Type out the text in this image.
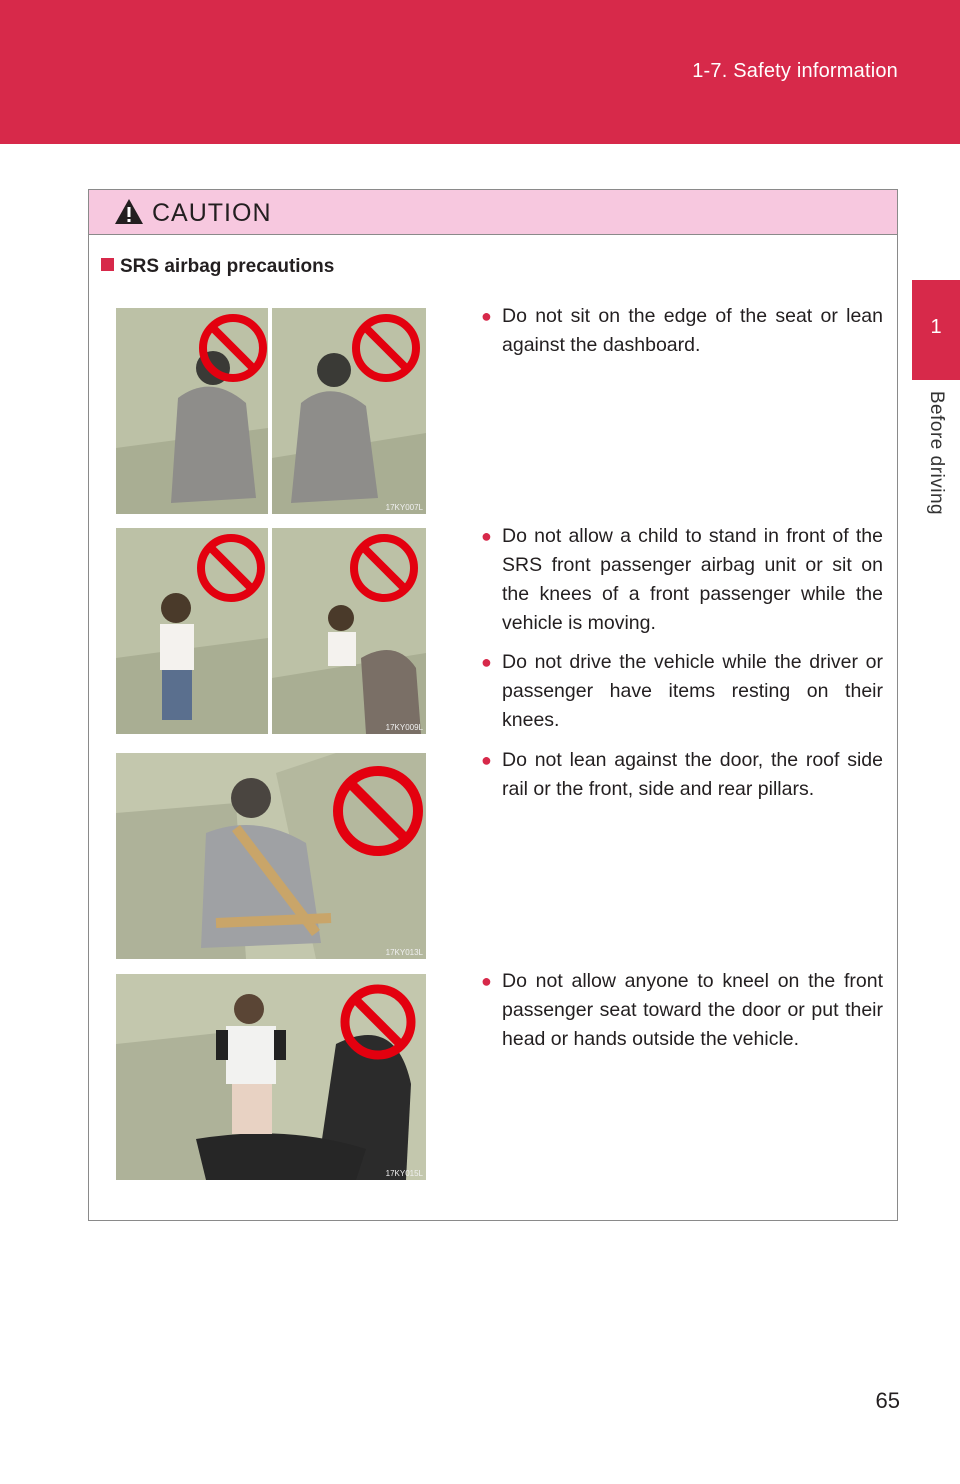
1-7. Safety information
1
Before driving
CAUTION
SRS airbag precautions
17KY007L
17KY009L
17KY013L
17KY015L
● Do not sit on the edge of the seat or lean against the dashboard.
● Do not allow a child to stand in front of the SRS front passenger airbag unit or sit on the knees of a front passenger while the vehicle is moving.
● Do not drive the vehicle while the driver or passenger have items resting on their knees.
● Do not lean against the door, the roof side rail or the front, side and rear pillars.
● Do not allow anyone to kneel on the front passenger seat toward the door or put their head or hands outside the vehicle.
65
